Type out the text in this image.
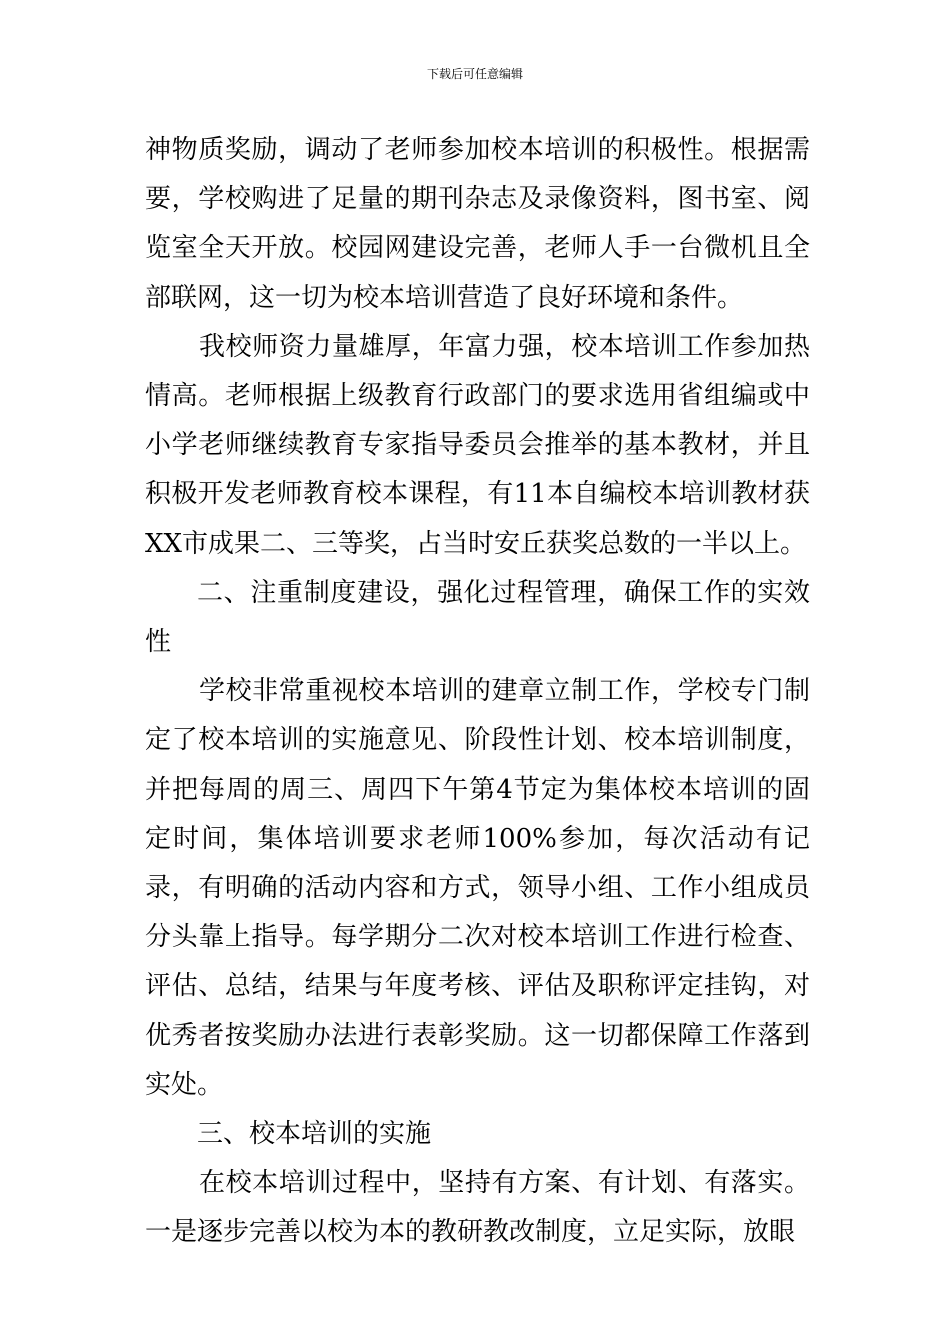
下载后可任意编辑

神物质奖励，调动了老师参加校本培训的积极性。根据需要，学校购进了足量的期刊杂志及录像资料，图书室、阅览室全天开放。校园网建设完善，老师人手一台微机且全部联网，这一切为校本培训营造了良好环境和条件。

我校师资力量雄厚，年富力强，校本培训工作参加热情高。老师根据上级教育行政部门的要求选用省组编或中小学老师继续教育专家指导委员会推举的基本教材，并且积极开发老师教育校本课程，有11本自编校本培训教材获XX市成果二、三等奖，占当时安丘获奖总数的一半以上。

二、注重制度建设，强化过程管理，确保工作的实效性

学校非常重视校本培训的建章立制工作，学校专门制定了校本培训的实施意见、阶段性计划、校本培训制度，并把每周的周三、周四下午第4节定为集体校本培训的固定时间，集体培训要求老师100%参加，每次活动有记录，有明确的活动内容和方式，领导小组、工作小组成员分头靠上指导。每学期分二次对校本培训工作进行检查、评估、总结，结果与年度考核、评估及职称评定挂钩，对优秀者按奖励办法进行表彰奖励。这一切都保障工作落到实处。

三、校本培训的实施

在校本培训过程中，坚持有方案、有计划、有落实。一是逐步完善以校为本的教研教改制度，立足实际，放眼
